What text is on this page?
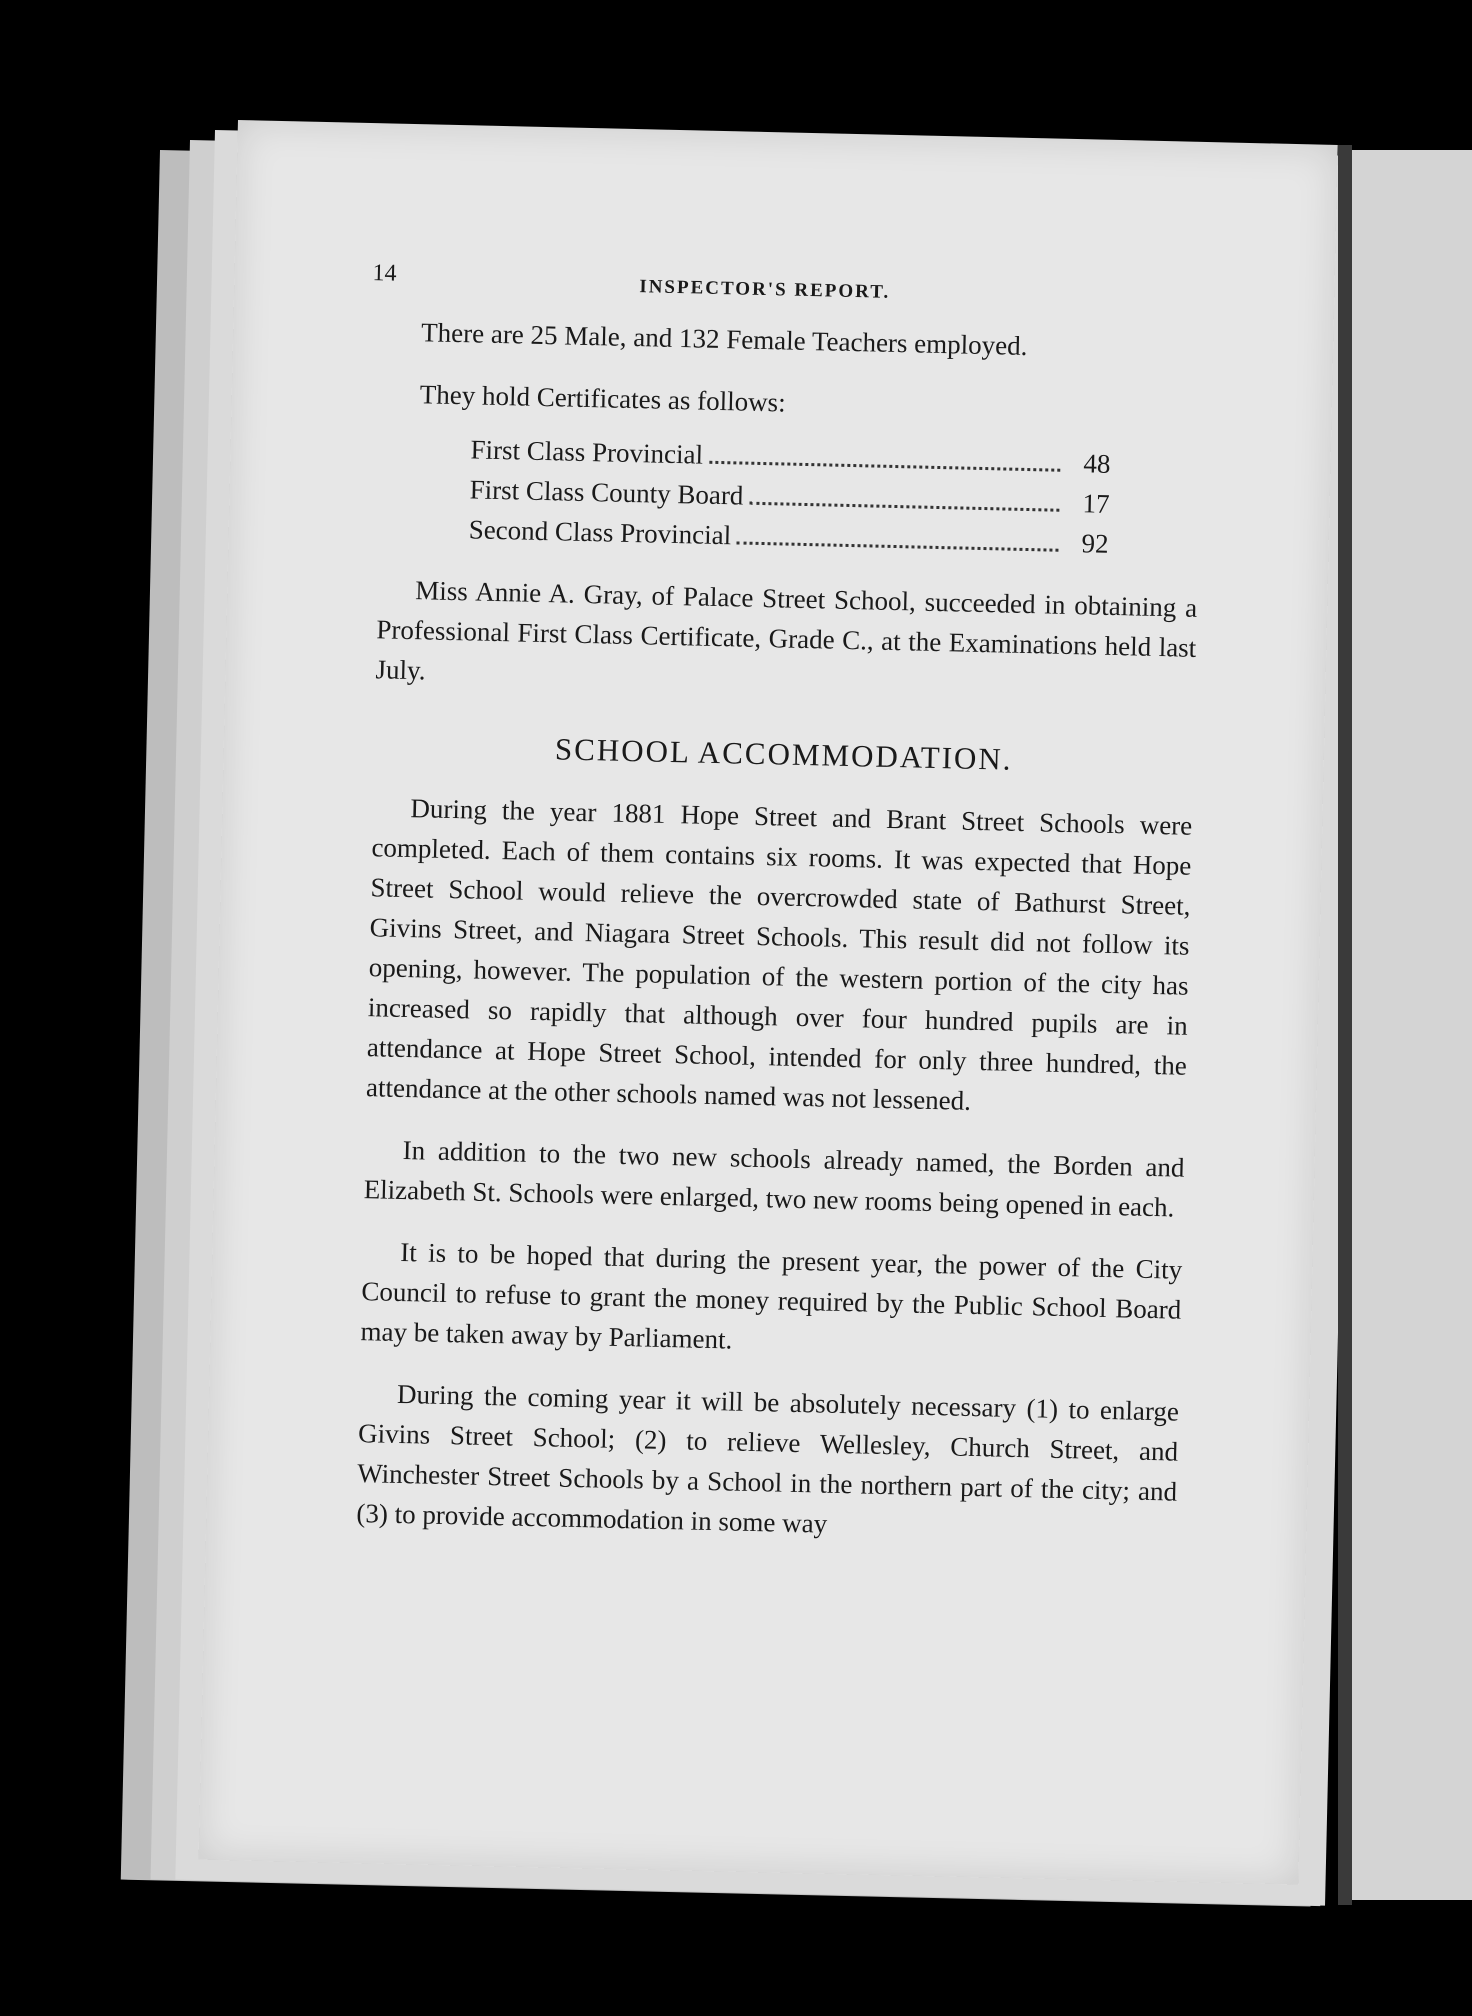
14
INSPECTOR'S REPORT.

There are 25 Male, and 132 Female Teachers employed.

They hold Certificates as follows:

First Class Provincial	48
First Class County Board	17
Second Class Provincial	92

Miss Annie A. Gray, of Palace Street School, succeeded in obtaining a Professional First Class Certificate, Grade C., at the Examinations held last July.

SCHOOL ACCOMMODATION.

During the year 1881 Hope Street and Brant Street Schools were completed. Each of them contains six rooms. It was expected that Hope Street School would relieve the overcrowded state of Bathurst Street, Givins Street, and Niagara Street Schools. This result did not follow its opening, however. The population of the western portion of the city has increased so rapidly that although over four hundred pupils are in attendance at Hope Street School, intended for only three hundred, the attendance at the other schools named was not lessened.

In addition to the two new schools already named, the Borden and Elizabeth St. Schools were enlarged, two new rooms being opened in each.

It is to be hoped that during the present year, the power of the City Council to refuse to grant the money required by the Public School Board may be taken away by Parliament.

During the coming year it will be absolutely necessary (1) to enlarge Givins Street School; (2) to relieve Wellesley, Church Street, and Winchester Street Schools by a School in the northern part of the city; and (3) to provide accommodation in some way
